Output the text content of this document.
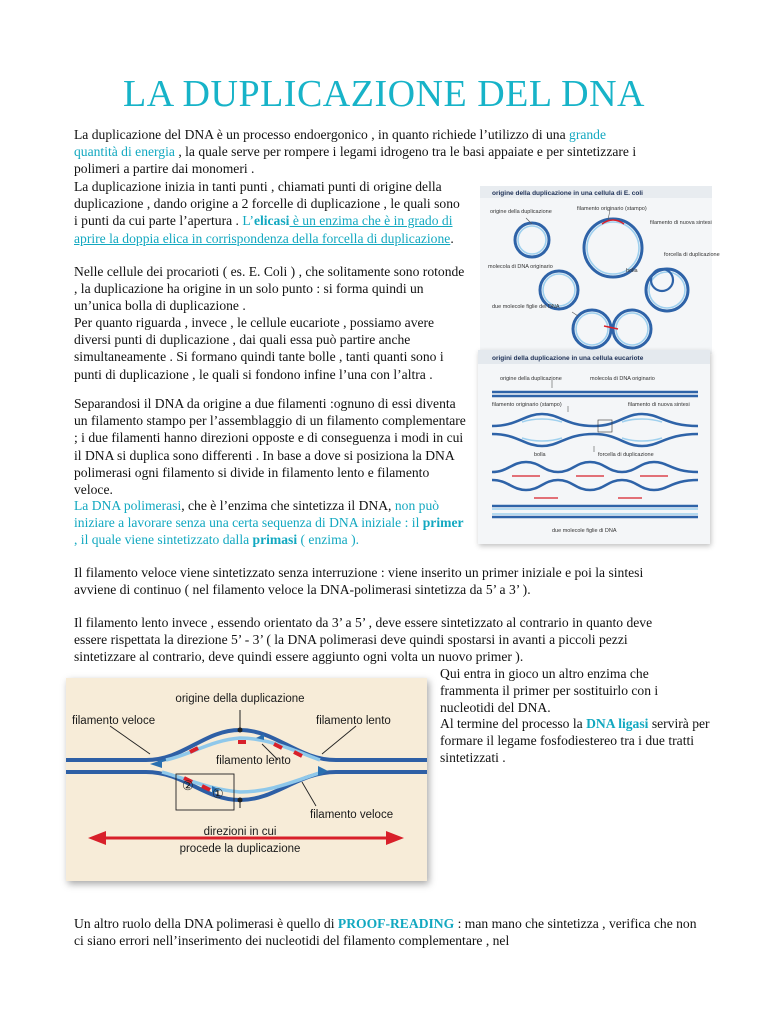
LA DUPLICAZIONE DEL DNA

La duplicazione del DNA è un processo endoergonico , in quanto richiede l’utilizzo di una grande quantità di energia , la quale serve per rompere i legami idrogeno tra le basi appaiate e per sintetizzare i polimeri a partire dai monomeri .

La duplicazione inizia in tanti punti , chiamati punti di origine della duplicazione , dando origine a 2 forcelle di duplicazione , le quali sono i punti da cui parte l’apertura . L’elicasi è un enzima che è in grado di aprire la doppia elica in corrispondenza della forcella di duplicazione.

Nelle cellule dei procarioti ( es. E. Coli ) , che solitamente sono rotonde , la duplicazione ha origine in un solo punto : si forma quindi un un’unica bolla di duplicazione .

Per quanto riguarda , invece , le cellule eucariote , possiamo avere diversi punti di duplicazione , dai quali essa può partire anche simultaneamente . Si formano quindi tante bolle , tanti quanti sono i punti di duplicazione , le quali si fondono infine l’una con l’altra .

Separandosi il DNA da origine a due filamenti :ognuno di essi diventa un filamento stampo per l’assemblaggio di un filamento complementare ; i due filamenti hanno direzioni opposte e di conseguenza i modi in cui il DNA si duplica sono differenti . In base a dove si posiziona la DNA polimerasi ogni filamento si divide in filamento lento e filamento veloce.

La DNA polimerasi, che è l’enzima che sintetizza il DNA, non può iniziare a lavorare senza una certa sequenza di DNA iniziale : il primer , il quale viene sintetizzato dalla primasi ( enzima ).

Il filamento veloce viene sintetizzato senza interruzione : viene inserito un primer iniziale e poi la sintesi avviene di continuo ( nel filamento veloce la DNA-polimerasi sintetizza da 5’ a 3’ ).

Il filamento lento invece , essendo orientato da 3’ a 5’ , deve essere sintetizzato al contrario in quanto deve essere rispettata la direzione 5’ - 3’ ( la DNA polimerasi deve quindi spostarsi in avanti a piccoli pezzi sintetizzare al contrario, deve quindi essere aggiunto ogni volta un nuovo primer ).

Qui entra in gioco un altro enzima che frammenta il primer per sostituirlo con i nucleotidi del DNA.

Al termine del processo la DNA ligasi servirà per formare il legame fosfodiestereo tra i due tratti sintetizzati .

Un altro ruolo della DNA polimerasi è quello di PROOF-READING : man mano che sintetizza , verifica che non ci siano errori nell’inserimento dei nucleotidi del filamento complementare , nel

origine della duplicazione in una cellula di E. coli
origine della duplicazione	filamento originario (stampo)
filamento di nuova sintesi
molecola di DNA originario
forcella di duplicazione
bolla
due molecole figlie del DNA
origini della duplicazione in una cellula eucariote
origine della duplicazione	molecola di DNA originario
filamento originario (stampo)	filamento di nuova sintesi
bolla	forcella di duplicazione
due molecole figlie di DNA
origine della duplicazione
filamento veloce	filamento lento
filamento lento
filamento veloce
②
①
direzioni in cui
procede la duplicazione
